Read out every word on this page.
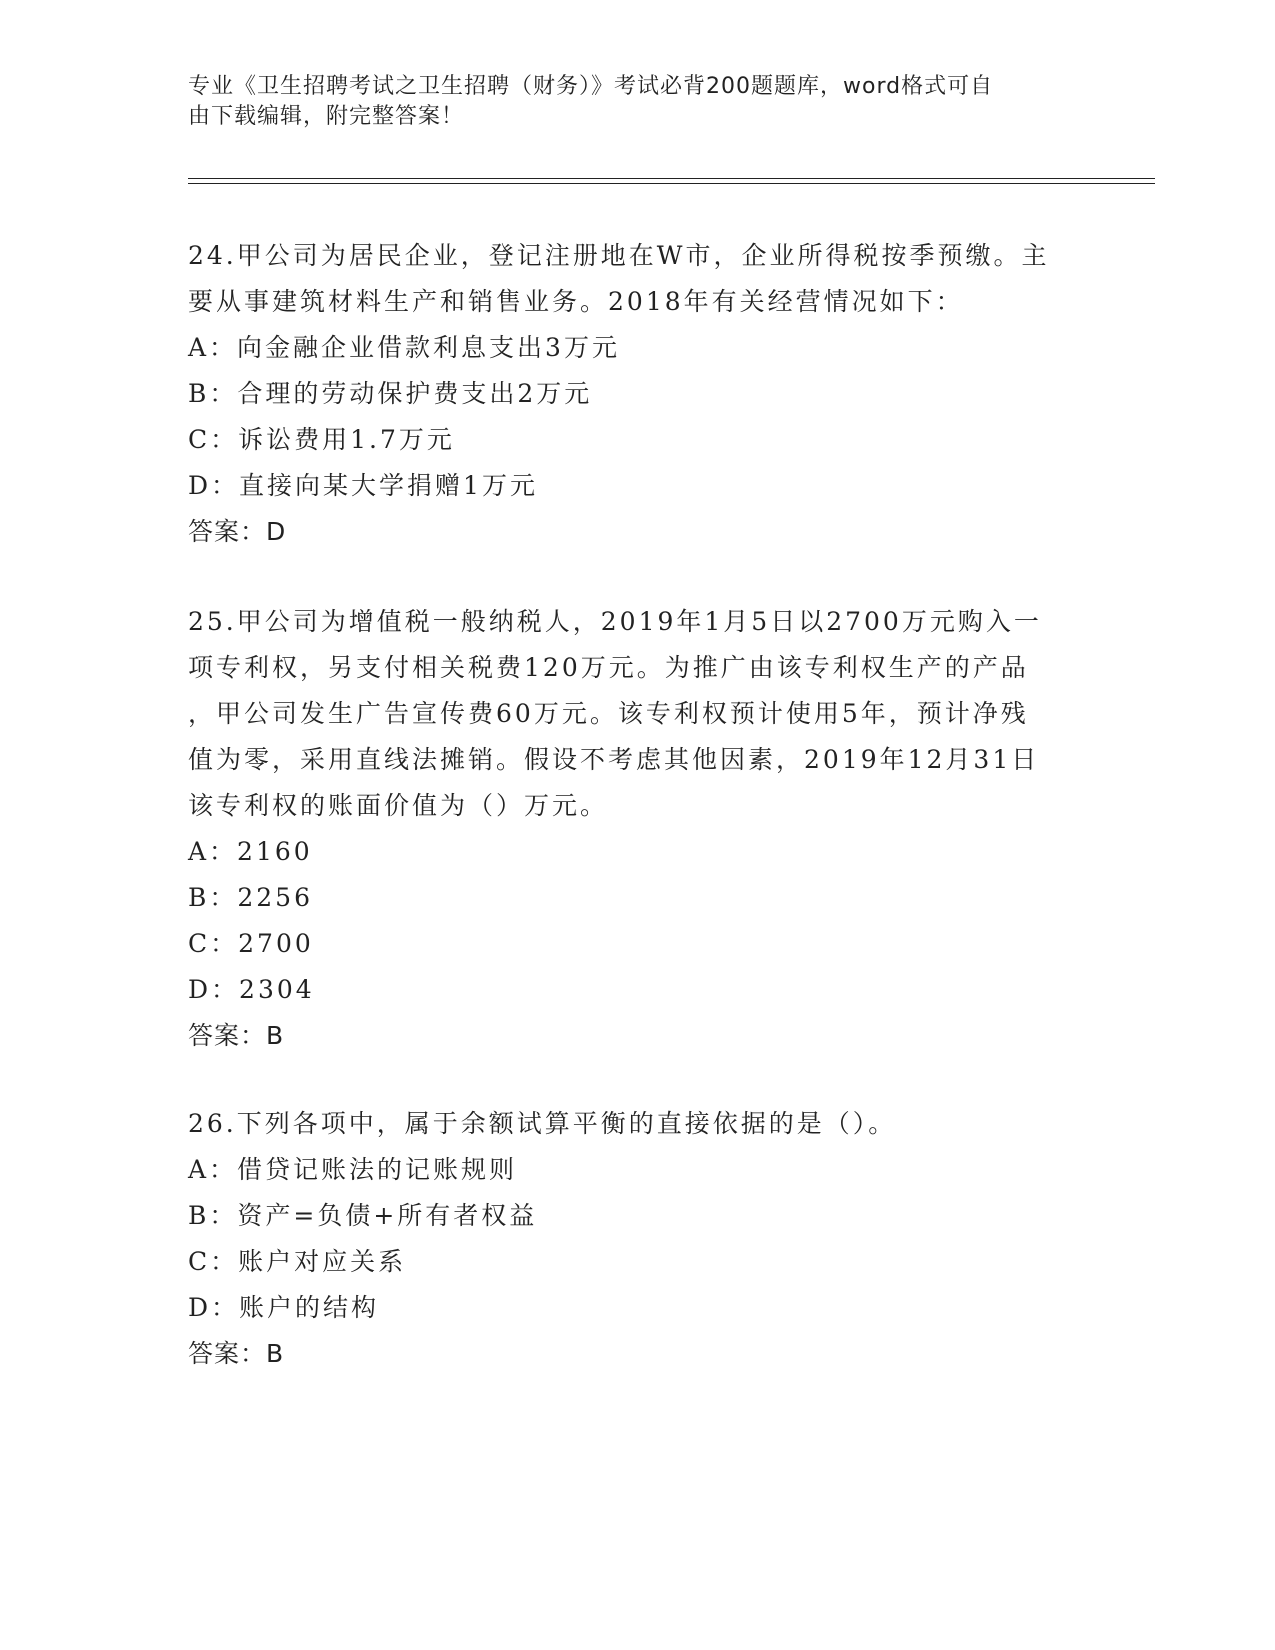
专业《卫生招聘考试之卫生招聘（财务）》考试必背200题题库，word格式可自
由下载编辑，附完整答案！
24.甲公司为居民企业，登记注册地在W市，企业所得税按季预缴。主
要从事建筑材料生产和销售业务。2018年有关经营情况如下：
A：向金融企业借款利息支出3万元
B：合理的劳动保护费支出2万元
C：诉讼费用1.7万元
D：直接向某大学捐赠1万元
答案：D
25.甲公司为增值税一般纳税人，2019年1月5日以2700万元购入一
项专利权，另支付相关税费120万元。为推广由该专利权生产的产品
，甲公司发生广告宣传费60万元。该专利权预计使用5年，预计净残
值为零，采用直线法摊销。假设不考虑其他因素，2019年12月31日
该专利权的账面价值为（）万元。
A：2160
B：2256
C：2700
D：2304
答案：B
26.下列各项中，属于余额试算平衡的直接依据的是（）。
A：借贷记账法的记账规则
B：资产=负债+所有者权益
C：账户对应关系
D：账户的结构
答案：B
